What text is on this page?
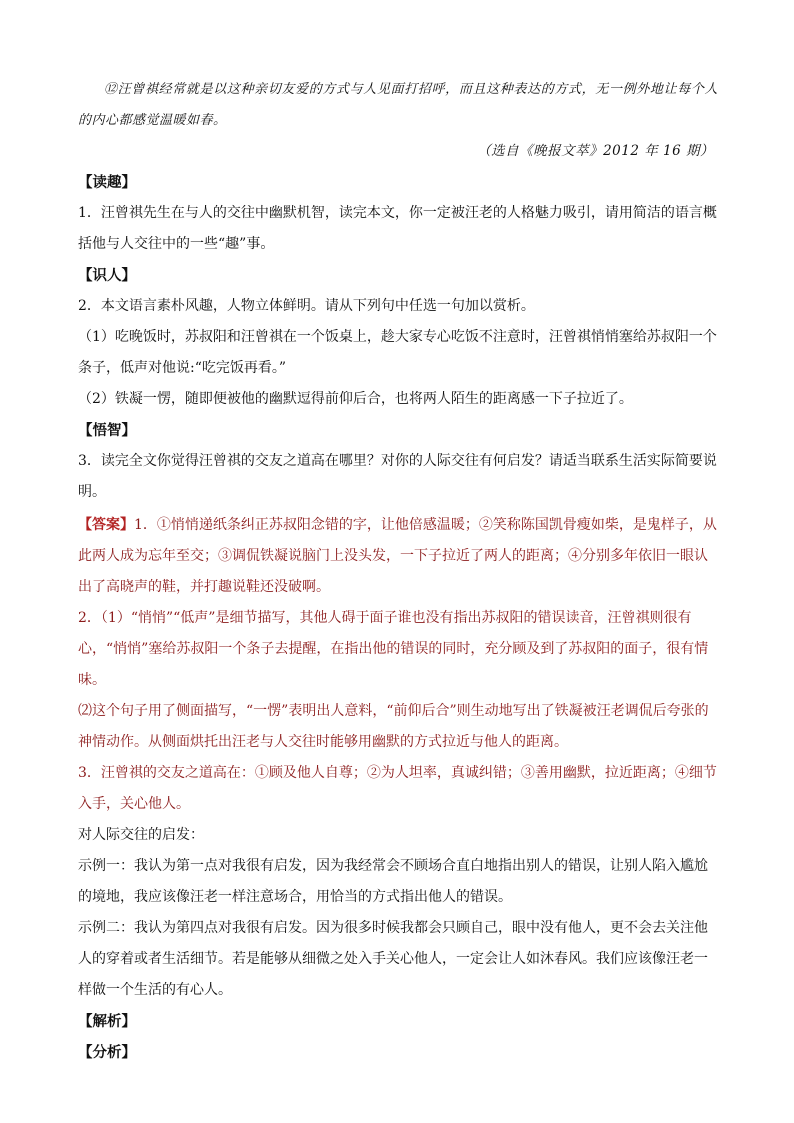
⑫汪曾祺经常就是以这种亲切友爱的方式与人见面打招呼，而且这种表达的方式，无一例外地让每个人的内心都感觉温暖如春。

（选自《晚报文萃》2012 年 16 期）

【读趣】

1．汪曾祺先生在与人的交往中幽默机智，读完本文，你一定被汪老的人格魅力吸引，请用简洁的语言概括他与人交往中的一些“趣”事。

【识人】

2．本文语言素朴风趣，人物立体鲜明。请从下列句中任选一句加以赏析。

（1）吃晚饭时，苏叔阳和汪曾祺在一个饭桌上，趁大家专心吃饭不注意时，汪曾祺悄悄塞给苏叔阳一个条子，低声对他说:“吃完饭再看。”

（2）铁凝一愣，随即便被他的幽默逗得前仰后合，也将两人陌生的距离感一下子拉近了。

【悟智】

3．读完全文你觉得汪曾祺的交友之道高在哪里？对你的人际交往有何启发？请适当联系生活实际简要说明。

【答案】1．①悄悄递纸条纠正苏叔阳念错的字，让他倍感温暖；②笑称陈国凯骨瘦如柴，是鬼样子，从此两人成为忘年至交；③调侃铁凝说脑门上没头发，一下子拉近了两人的距离；④分别多年依旧一眼认出了高晓声的鞋，并打趣说鞋还没破啊。

2．（1）“悄悄”“低声”是细节描写，其他人碍于面子谁也没有指出苏叔阳的错误读音，汪曾祺则很有心，“悄悄”塞给苏叔阳一个条子去提醒，在指出他的错误的同时，充分顾及到了苏叔阳的面子，很有情味。

⑵这个句子用了侧面描写，“一愣”表明出人意料，“前仰后合”则生动地写出了铁凝被汪老调侃后夸张的神情动作。从侧面烘托出汪老与人交往时能够用幽默的方式拉近与他人的距离。

3．汪曾祺的交友之道高在：①顾及他人自尊；②为人坦率，真诚纠错；③善用幽默，拉近距离；④细节入手，关心他人。

对人际交往的启发：

示例一：我认为第一点对我很有启发，因为我经常会不顾场合直白地指出别人的错误，让别人陷入尴尬的境地，我应该像汪老一样注意场合，用恰当的方式指出他人的错误。

示例二：我认为第四点对我很有启发。因为很多时候我都会只顾自己，眼中没有他人，更不会去关注他人的穿着或者生活细节。若是能够从细微之处入手关心他人，一定会让人如沐春风。我们应该像汪老一样做一个生活的有心人。

【解析】

【分析】
